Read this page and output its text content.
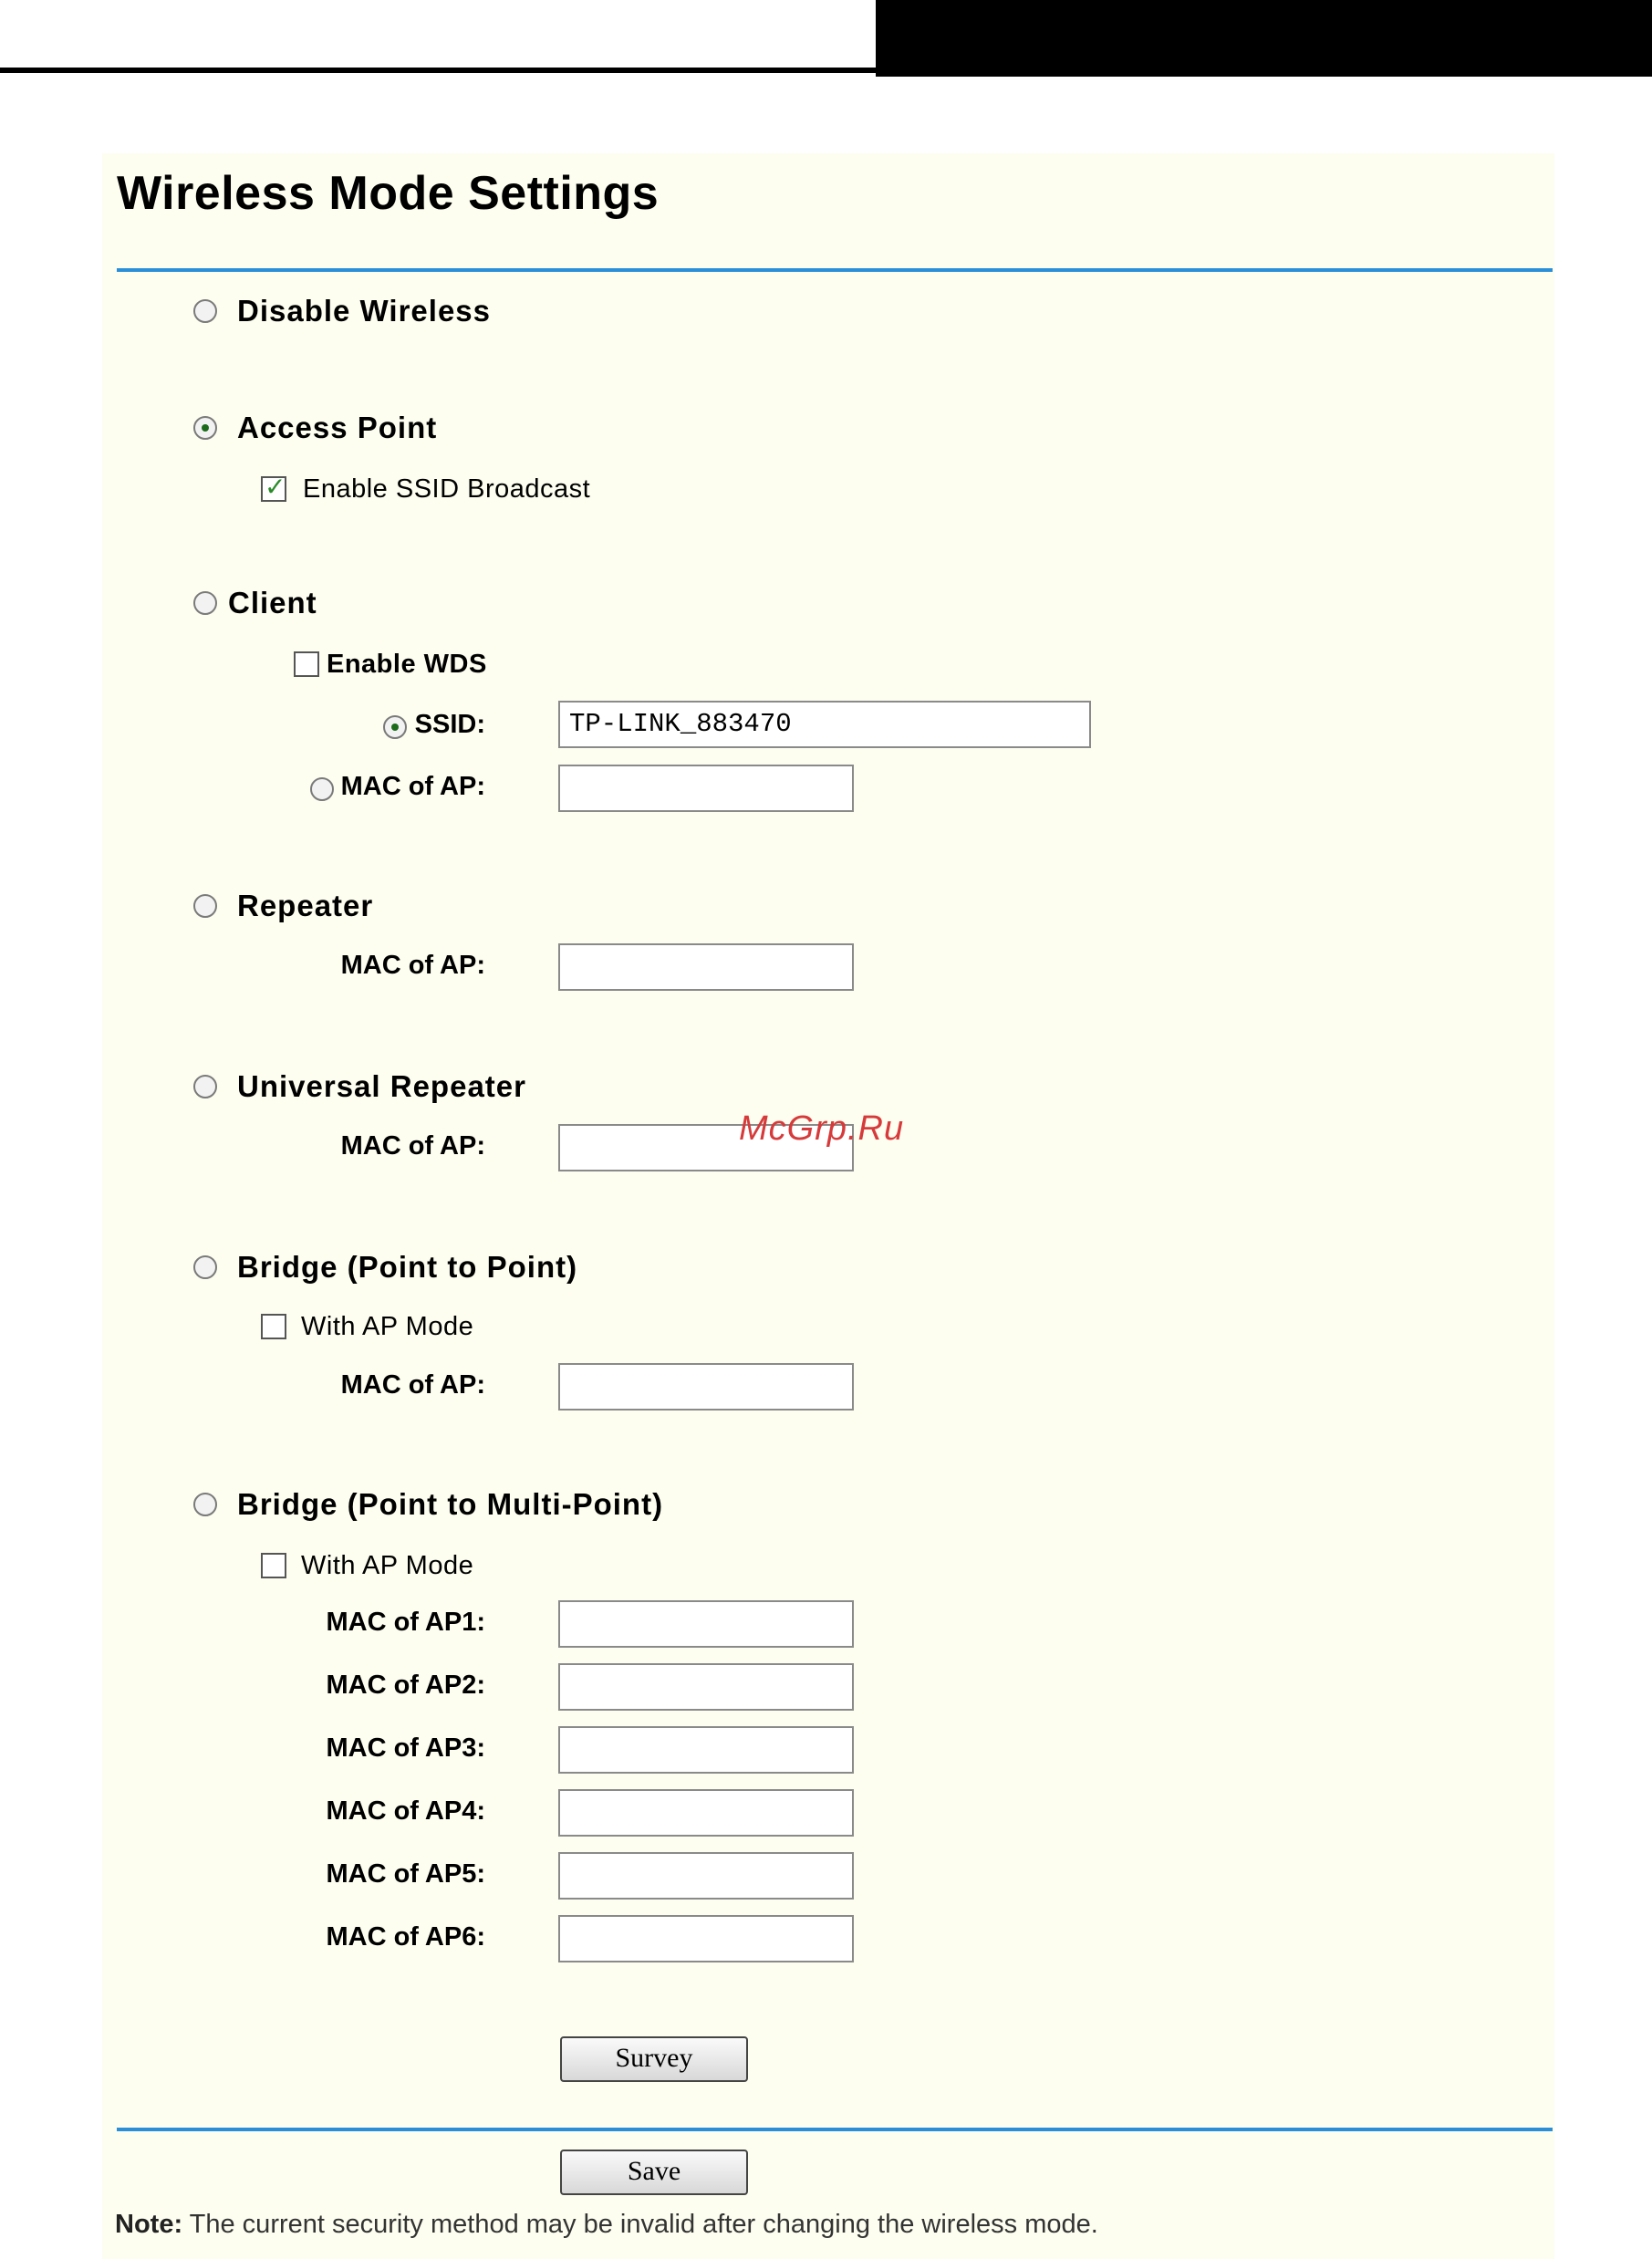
Wireless Mode Settings
Disable Wireless
Access Point
✓
Enable SSID Broadcast
Client
Enable WDS
SSID:	TP-LINK_883470
MAC of AP:
Repeater
MAC of AP:
Universal Repeater
MAC of AP:
Bridge (Point to Point)
With AP Mode
MAC of AP:
Bridge (Point to Multi-Point)
With AP Mode
MAC of AP1:
MAC of AP2:
MAC of AP3:
MAC of AP4:
MAC of AP5:
MAC of AP6:
Survey
Save
Note: The current security method may be invalid after changing the wireless mode.
McGrp.Ru
